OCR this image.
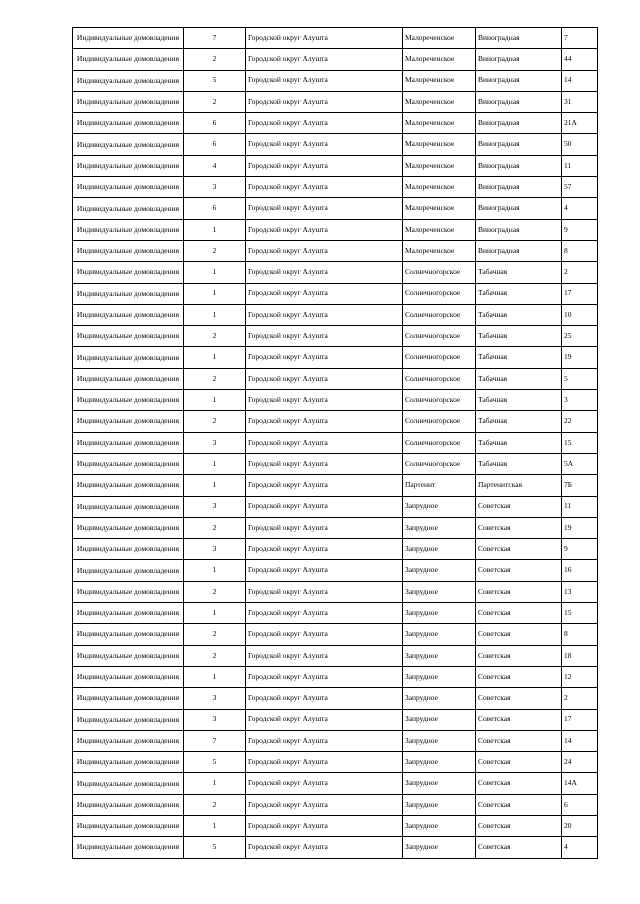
Индивидуальные домовладения	7	Городской округ Алушта	Малореченское	Виноградная	7
Индивидуальные домовладения	2	Городской округ Алушта	Малореченское	Виноградная	44
Индивидуальные домовладения	5	Городской округ Алушта	Малореченское	Виноградная	14
Индивидуальные домовладения	2	Городской округ Алушта	Малореченское	Виноградная	31
Индивидуальные домовладения	6	Городской округ Алушта	Малореченское	Виноградная	21А
Индивидуальные домовладения	6	Городской округ Алушта	Малореченское	Виноградная	50
Индивидуальные домовладения	4	Городской округ Алушта	Малореченское	Виноградная	11
Индивидуальные домовладения	3	Городской округ Алушта	Малореченское	Виноградная	57
Индивидуальные домовладения	6	Городской округ Алушта	Малореченское	Виноградная	4
Индивидуальные домовладения	1	Городской округ Алушта	Малореченское	Виноградная	9
Индивидуальные домовладения	2	Городской округ Алушта	Малореченское	Виноградная	8
Индивидуальные домовладения	1	Городской округ Алушта	Солнечногорское	Табачная	2
Индивидуальные домовладения	1	Городской округ Алушта	Солнечногорское	Табачная	17
Индивидуальные домовладения	1	Городской округ Алушта	Солнечногорское	Табачная	10
Индивидуальные домовладения	2	Городской округ Алушта	Солнечногорское	Табачная	25
Индивидуальные домовладения	1	Городской округ Алушта	Солнечногорское	Табачная	19
Индивидуальные домовладения	2	Городской округ Алушта	Солнечногорское	Табачная	5
Индивидуальные домовладения	1	Городской округ Алушта	Солнечногорское	Табачная	3
Индивидуальные домовладения	2	Городской округ Алушта	Солнечногорское	Табачная	22
Индивидуальные домовладения	3	Городской округ Алушта	Солнечногорское	Табачная	15
Индивидуальные домовладения	1	Городской округ Алушта	Солнечногорское	Табачная	5А
Индивидуальные домовладения	1	Городской округ Алушта	Партенит	Партенитская	7Б
Индивидуальные домовладения	3	Городской округ Алушта	Запрудное	Советская	11
Индивидуальные домовладения	2	Городской округ Алушта	Запрудное	Советская	19
Индивидуальные домовладения	3	Городской округ Алушта	Запрудное	Советская	9
Индивидуальные домовладения	1	Городской округ Алушта	Запрудное	Советская	16
Индивидуальные домовладения	2	Городской округ Алушта	Запрудное	Советская	13
Индивидуальные домовладения	1	Городской округ Алушта	Запрудное	Советская	15
Индивидуальные домовладения	2	Городской округ Алушта	Запрудное	Советская	8
Индивидуальные домовладения	2	Городской округ Алушта	Запрудное	Советская	18
Индивидуальные домовладения	1	Городской округ Алушта	Запрудное	Советская	12
Индивидуальные домовладения	3	Городской округ Алушта	Запрудное	Советская	2
Индивидуальные домовладения	3	Городской округ Алушта	Запрудное	Советская	17
Индивидуальные домовладения	7	Городской округ Алушта	Запрудное	Советская	14
Индивидуальные домовладения	5	Городской округ Алушта	Запрудное	Советская	24
Индивидуальные домовладения	1	Городской округ Алушта	Запрудное	Советская	14А
Индивидуальные домовладения	2	Городской округ Алушта	Запрудное	Советская	6
Индивидуальные домовладения	1	Городской округ Алушта	Запрудное	Советская	20
Индивидуальные домовладения	5	Городской округ Алушта	Запрудное	Советская	4
